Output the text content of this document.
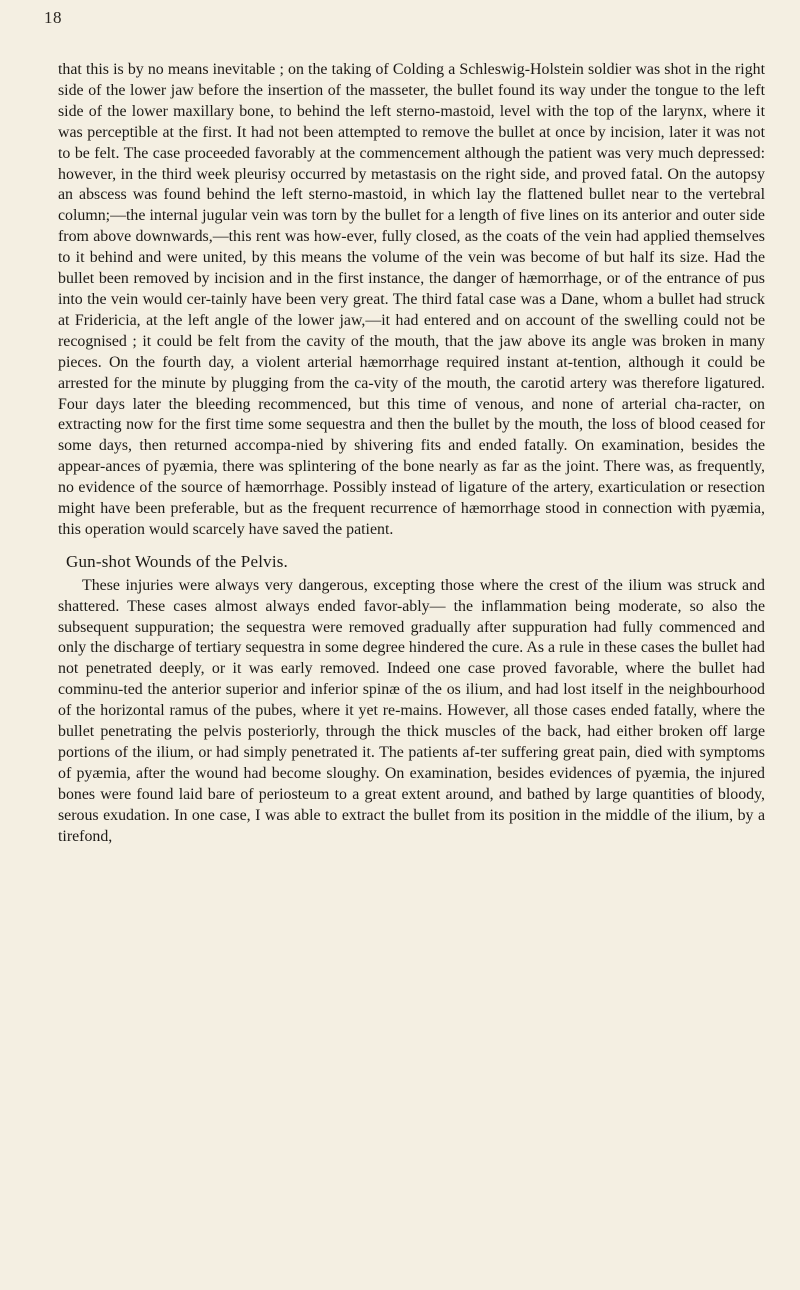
18

that this is by no means inevitable ; on the taking of Colding a Schleswig-Holstein soldier was shot in the right side of the lower jaw before the insertion of the masseter, the bullet found its way under the tongue to the left side of the lower maxillary bone, to behind the left sterno-mastoid, level with the top of the larynx, where it was perceptible at the first. It had not been attempted to remove the bullet at once by incision, later it was not to be felt. The case proceeded favorably at the commencement although the patient was very much depressed: however, in the third week pleurisy occurred by metastasis on the right side, and proved fatal. On the autopsy an abscess was found behind the left sterno-mastoid, in which lay the flattened bullet near to the vertebral column;—the internal jugular vein was torn by the bullet for a length of five lines on its anterior and outer side from above downwards,—this rent was how-ever, fully closed, as the coats of the vein had applied themselves to it behind and were united, by this means the volume of the vein was become of but half its size. Had the bullet been removed by incision and in the first instance, the danger of hæmorrhage, or of the entrance of pus into the vein would cer-tainly have been very great. The third fatal case was a Dane, whom a bullet had struck at Fridericia, at the left angle of the lower jaw,—it had entered and on account of the swelling could not be recognised ; it could be felt from the cavity of the mouth, that the jaw above its angle was broken in many pieces. On the fourth day, a violent arterial hæmorrhage required instant at-tention, although it could be arrested for the minute by plugging from the ca-vity of the mouth, the carotid artery was therefore ligatured. Four days later the bleeding recommenced, but this time of venous, and none of arterial cha-racter, on extracting now for the first time some sequestra and then the bullet by the mouth, the loss of blood ceased for some days, then returned accompa-nied by shivering fits and ended fatally. On examination, besides the appear-ances of pyæmia, there was splintering of the bone nearly as far as the joint. There was, as frequently, no evidence of the source of hæmorrhage. Possibly instead of ligature of the artery, exarticulation or resection might have been preferable, but as the frequent recurrence of hæmorrhage stood in connection with pyæmia, this operation would scarcely have saved the patient.

Gun-shot Wounds of the Pelvis.

These injuries were always very dangerous, excepting those where the crest of the ilium was struck and shattered. These cases almost always ended favor-ably— the inflammation being moderate, so also the subsequent suppuration; the sequestra were removed gradually after suppuration had fully commenced and only the discharge of tertiary sequestra in some degree hindered the cure. As a rule in these cases the bullet had not penetrated deeply, or it was early removed. Indeed one case proved favorable, where the bullet had comminu-ted the anterior superior and inferior spinæ of the os ilium, and had lost itself in the neighbourhood of the horizontal ramus of the pubes, where it yet re-mains. However, all those cases ended fatally, where the bullet penetrating the pelvis posteriorly, through the thick muscles of the back, had either broken off large portions of the ilium, or had simply penetrated it. The patients af-ter suffering great pain, died with symptoms of pyæmia, after the wound had become sloughy. On examination, besides evidences of pyæmia, the injured bones were found laid bare of periosteum to a great extent around, and bathed by large quantities of bloody, serous exudation. In one case, I was able to extract the bullet from its position in the middle of the ilium, by a tirefond,
